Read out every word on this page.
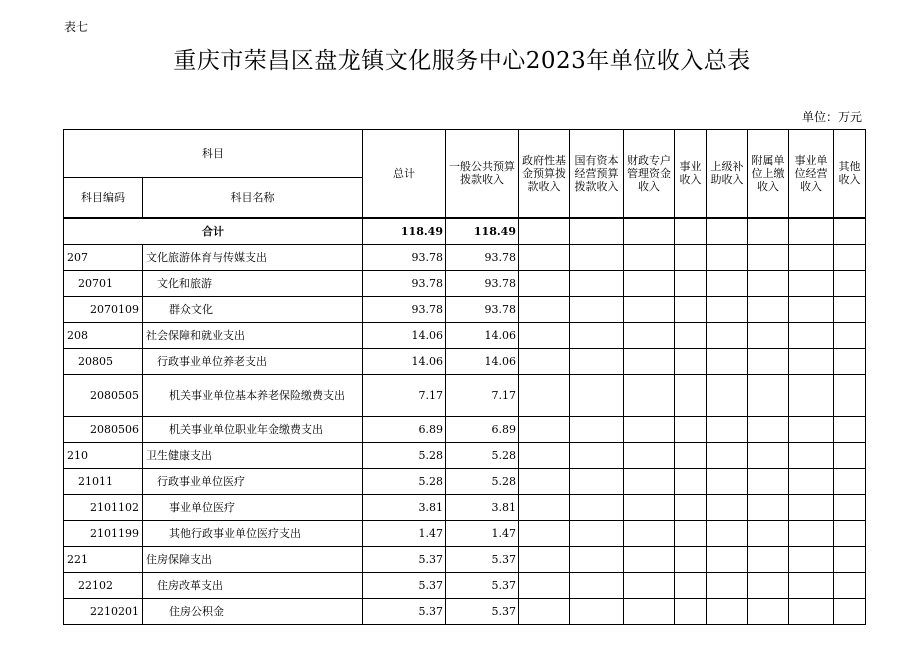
表七
重庆市荣昌区盘龙镇文化服务中心2023年单位收入总表
单位：万元
科目		总计	一般公共预算拨款收入	政府性基金预算拨款收入	国有资本经营预算拨款收入	财政专户管理资金收入	事业收入	上级补助收入	附属单位上缴收入	事业单位经营收入	其他收入
科目编码	科目名称										
合计		118.49	118.49								
207	文化旅游体育与传媒支出	93.78	93.78								
20701	文化和旅游	93.78	93.78								
2070109	群众文化	93.78	93.78								
208	社会保障和就业支出	14.06	14.06								
20805	行政事业单位养老支出	14.06	14.06								
2080505	机关事业单位基本养老保险缴费支出	7.17	7.17								
2080506	机关事业单位职业年金缴费支出	6.89	6.89								
210	卫生健康支出	5.28	5.28								
21011	行政事业单位医疗	5.28	5.28								
2101102	事业单位医疗	3.81	3.81								
2101199	其他行政事业单位医疗支出	1.47	1.47								
221	住房保障支出	5.37	5.37								
22102	住房改革支出	5.37	5.37								
2210201	住房公积金	5.37	5.37								
